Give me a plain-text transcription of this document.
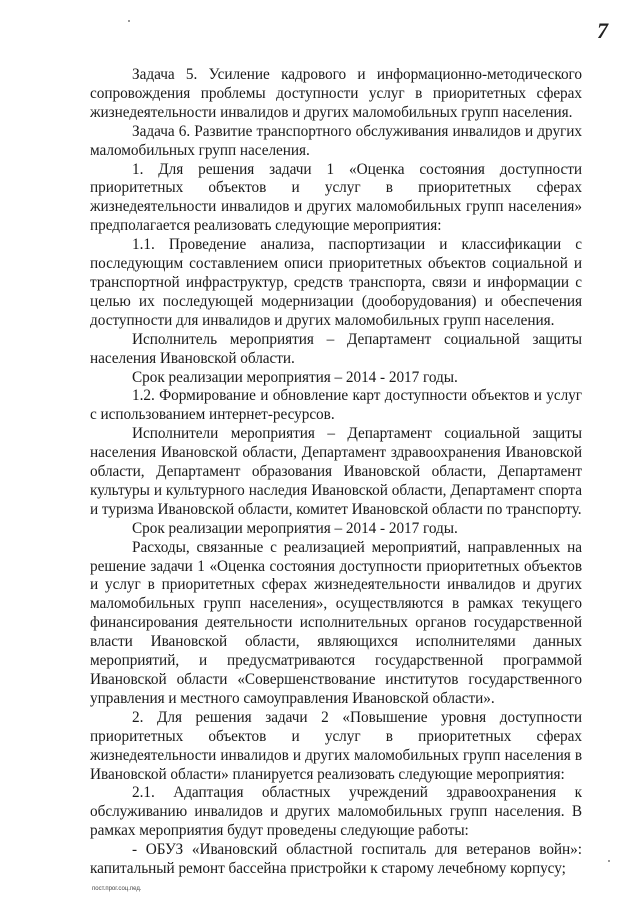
7

Задача 5. Усиление кадрового и информационно-методического сопровождения проблемы доступности услуг в приоритетных сферах жизнедеятельности инвалидов и других маломобильных групп населения.

Задача 6. Развитие транспортного обслуживания инвалидов и других маломобильных групп населения.

1. Для решения задачи 1 «Оценка состояния доступности приоритетных объектов и услуг в приоритетных сферах жизнедеятельности инвалидов и других маломобильных групп населения» предполагается реализовать следующие мероприятия:

1.1. Проведение анализа, паспортизации и классификации с последующим составлением описи приоритетных объектов социальной и транспортной инфраструктур, средств транспорта, связи и информации с целью их последующей модернизации (дооборудования) и обеспечения доступности для инвалидов и других маломобильных групп населения.

Исполнитель мероприятия – Департамент социальной защиты населения Ивановской области.

Срок реализации мероприятия – 2014 - 2017 годы.

1.2. Формирование и обновление карт доступности объектов и услуг с использованием интернет-ресурсов.

Исполнители мероприятия – Департамент социальной защиты населения Ивановской области, Департамент здравоохранения Ивановской области, Департамент образования Ивановской области, Департамент культуры и культурного наследия Ивановской области, Департамент спорта и туризма Ивановской области, комитет Ивановской области по транспорту.

Срок реализации мероприятия – 2014 - 2017 годы.

Расходы, связанные с реализацией мероприятий, направленных на решение задачи 1 «Оценка состояния доступности приоритетных объектов и услуг в приоритетных сферах жизнедеятельности инвалидов и других маломобильных групп населения», осуществляются в рамках текущего финансирования деятельности исполнительных органов государственной власти Ивановской области, являющихся исполнителями данных мероприятий, и предусматриваются государственной программой Ивановской области «Совершенствование институтов государственного управления и местного самоуправления Ивановской области».

2. Для решения задачи 2 «Повышение уровня доступности приоритетных объектов и услуг в приоритетных сферах жизнедеятельности инвалидов и других маломобильных групп населения в Ивановской области» планируется реализовать следующие мероприятия:

2.1. Адаптация областных учреждений здравоохранения к обслуживанию инвалидов и других маломобильных групп населения. В рамках мероприятия будут проведены следующие работы:

- ОБУЗ «Ивановский областной госпиталь для ветеранов войн»: капитальный ремонт бассейна пристройки к старому лечебному корпусу;

пост.прог.соц.пед.
